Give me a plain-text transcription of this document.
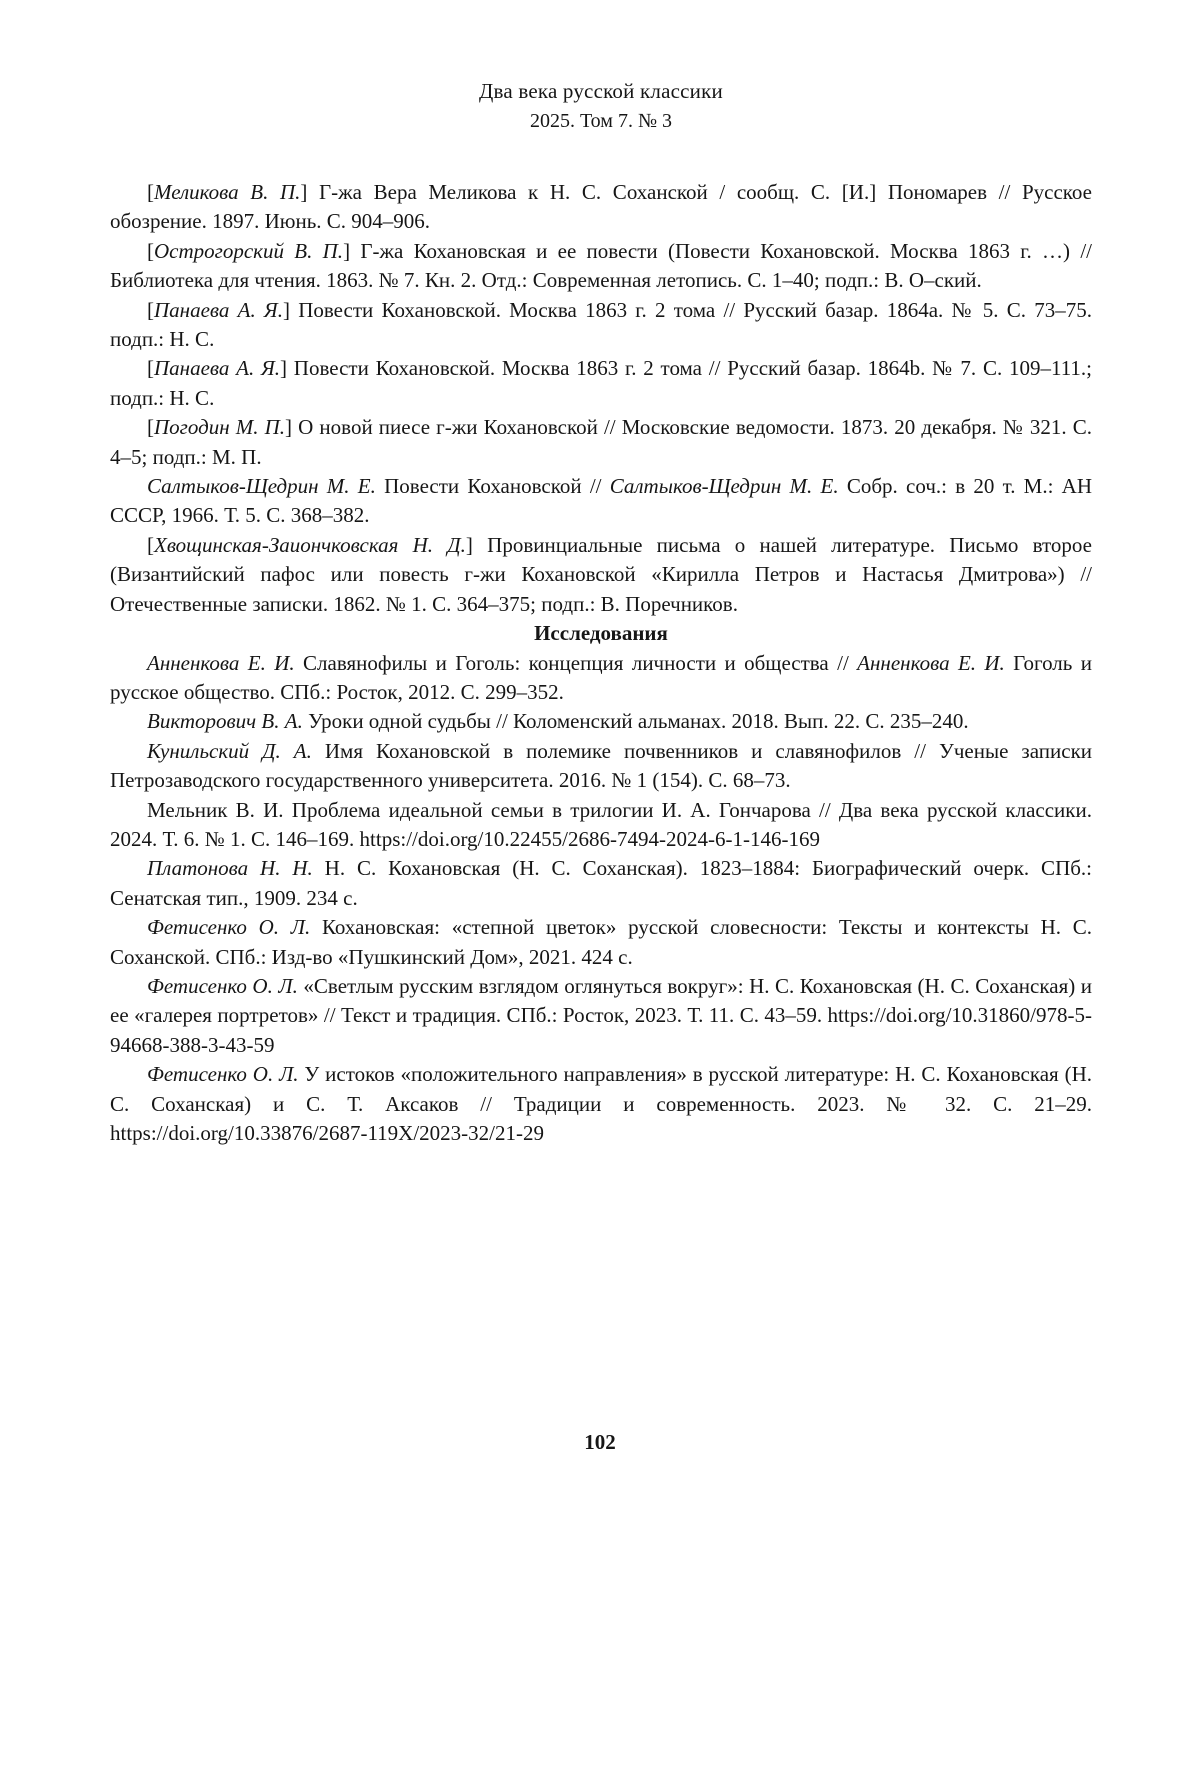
Два века русской классики
2025. Том 7. № 3

[Меликова В. П.] Г-жа Вера Меликова к Н. С. Соханской / сообщ. С. [И.] Пономарев // Русское обозрение. 1897. Июнь. С. 904–906.

[Острогорский В. П.] Г-жа Кохановская и ее повести (Повести Кохановской. Москва 1863 г. …) // Библиотека для чтения. 1863. № 7. Кн. 2. Отд.: Современная летопись. С. 1–40; подп.: В. О–ский.

[Панаева А. Я.] Повести Кохановской. Москва 1863 г. 2 тома // Русский базар. 1864a. № 5. С. 73–75. подп.: Н. С.

[Панаева А. Я.] Повести Кохановской. Москва 1863 г. 2 тома // Русский базар. 1864b. № 7. С. 109–111.; подп.: Н. С.

[Погодин М. П.] О новой пиесе г-жи Кохановской // Московские ведомости. 1873. 20 декабря. № 321. С. 4–5; подп.: М. П.

Салтыков-Щедрин М. Е. Повести Кохановской // Салтыков-Щедрин М. Е. Собр. соч.: в 20 т. М.: АН СССР, 1966. Т. 5. С. 368–382.

[Хвощинская-Заиончковская Н. Д.] Провинциальные письма о нашей литературе. Письмо второе (Византийский пафос или повесть г-жи Кохановской «Кирилла Петров и Настасья Дмитрова») // Отечественные записки. 1862. № 1. С. 364–375; подп.: В. Поречников.

Исследования

Анненкова Е. И. Славянофилы и Гоголь: концепция личности и общества // Анненкова Е. И. Гоголь и русское общество. СПб.: Росток, 2012. С. 299–352.

Викторович В. А. Уроки одной судьбы // Коломенский альманах. 2018. Вып. 22. С. 235–240.

Кунильский Д. А. Имя Кохановской в полемике почвенников и славянофилов // Ученые записки Петрозаводского государственного университета. 2016. № 1 (154). С. 68–73.

Мельник В. И. Проблема идеальной семьи в трилогии И. А. Гончарова // Два века русской классики. 2024. Т. 6. № 1. С. 146–169. https://doi.org/10.22455/2686-7494-2024-6-1-146-169

Платонова Н. Н. Н. С. Кохановская (Н. С. Соханская). 1823–1884: Биографический очерк. СПб.: Сенатская тип., 1909. 234 с.

Фетисенко О. Л. Кохановская: «степной цветок» русской словесности: Тексты и контексты Н. С. Соханской. СПб.: Изд-во «Пушкинский Дом», 2021. 424 с.

Фетисенко О. Л. «Светлым русским взглядом оглянуться вокруг»: Н. С. Кохановская (Н. С. Соханская) и ее «галерея портретов» // Текст и традиция. СПб.: Росток, 2023. Т. 11. С. 43–59. https://doi.org/10.31860/978-5-94668-388-3-43-59

Фетисенко О. Л. У истоков «положительного направления» в русской литературе: Н. С. Кохановская (Н. С. Соханская) и С. Т. Аксаков // Традиции и современность. 2023. № 32. С. 21–29. https://doi.org/10.33876/2687-119X/2023-32/21-29

102
